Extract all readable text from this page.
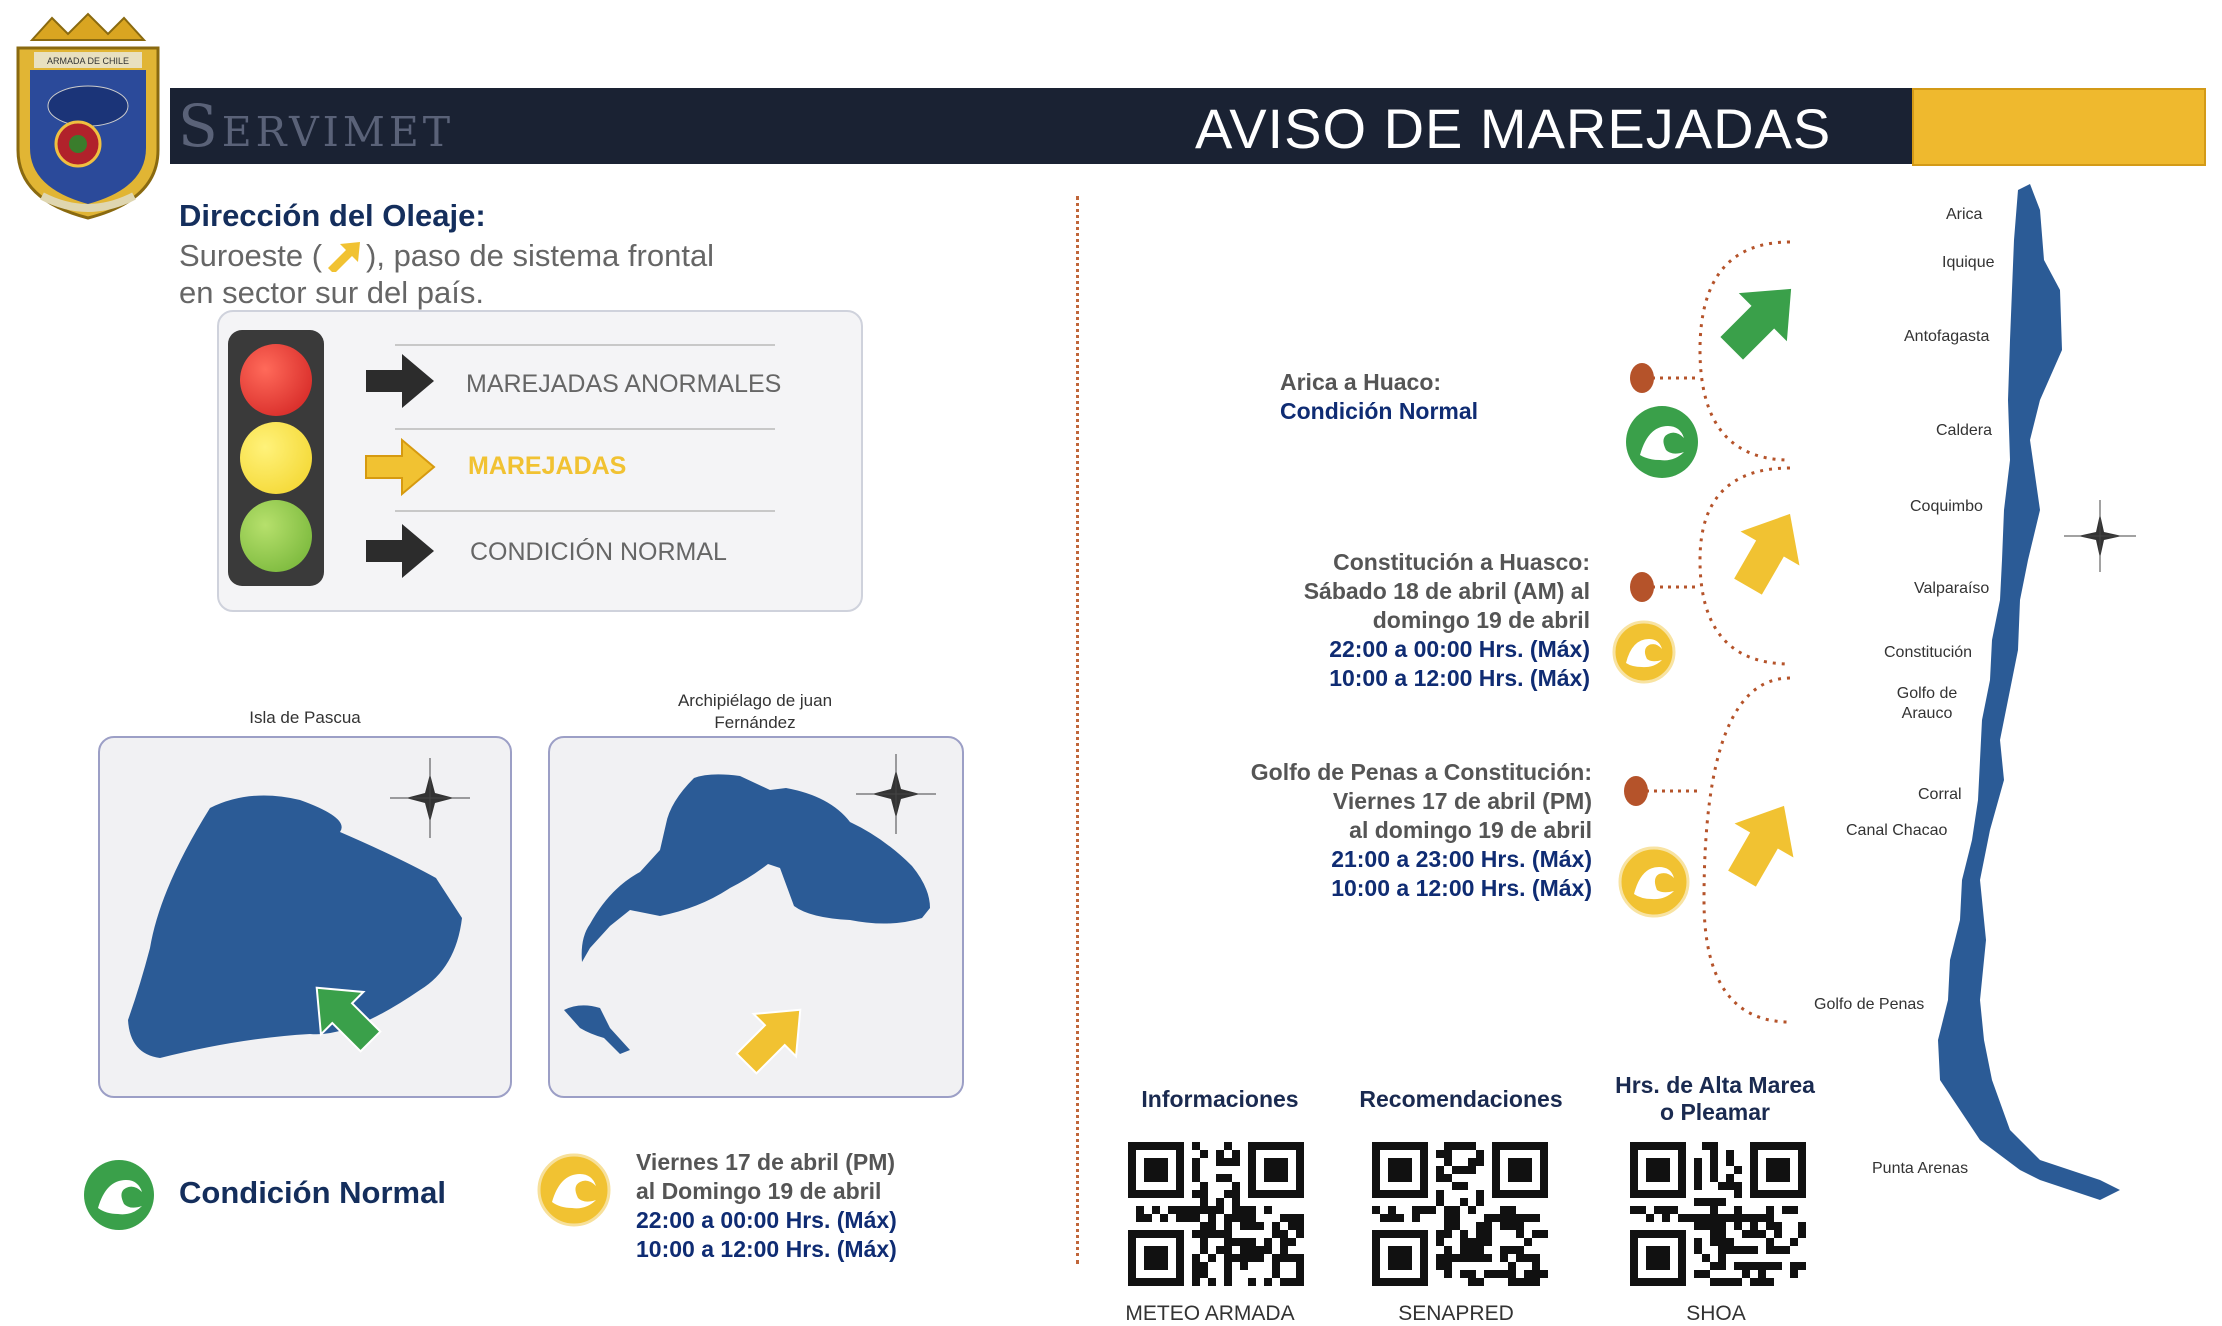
Servimet	AVISO DE MAREJADAS
ARMADA DE CHILE
Dirección del Oleaje:
Suroeste ( ), paso de sistema frontal
en sector sur del país.
MAREJADAS ANORMALES
MAREJADAS
CONDICIÓN NORMAL
Isla de Pascua
Archipiélago de juan
Fernández
Condición Normal
Viernes 17 de abril (PM)
al Domingo 19 de abril
22:00 a 00:00 Hrs. (Máx)
10:00 a 12:00 Hrs. (Máx)
Arica a Huaco:
Condición Normal
Constitución a Huasco:
Sábado 18 de abril (AM) al
domingo 19 de abril
22:00 a 00:00 Hrs. (Máx)
10:00 a 12:00 Hrs. (Máx)
Golfo de Penas a Constitución:
Viernes 17 de abril (PM)
al domingo 19 de abril
21:00 a 23:00 Hrs. (Máx)
10:00 a 12:00 Hrs. (Máx)
Arica
Iquique
Antofagasta
Caldera
Coquimbo
Valparaíso
Constitución
Golfo de Arauco
Corral
Canal Chacao
Golfo de Penas
Punta Arenas
Informaciones	Recomendaciones
Hrs. de Alta Marea
o Pleamar
METEO ARMADA	SENAPRED	SHOA
